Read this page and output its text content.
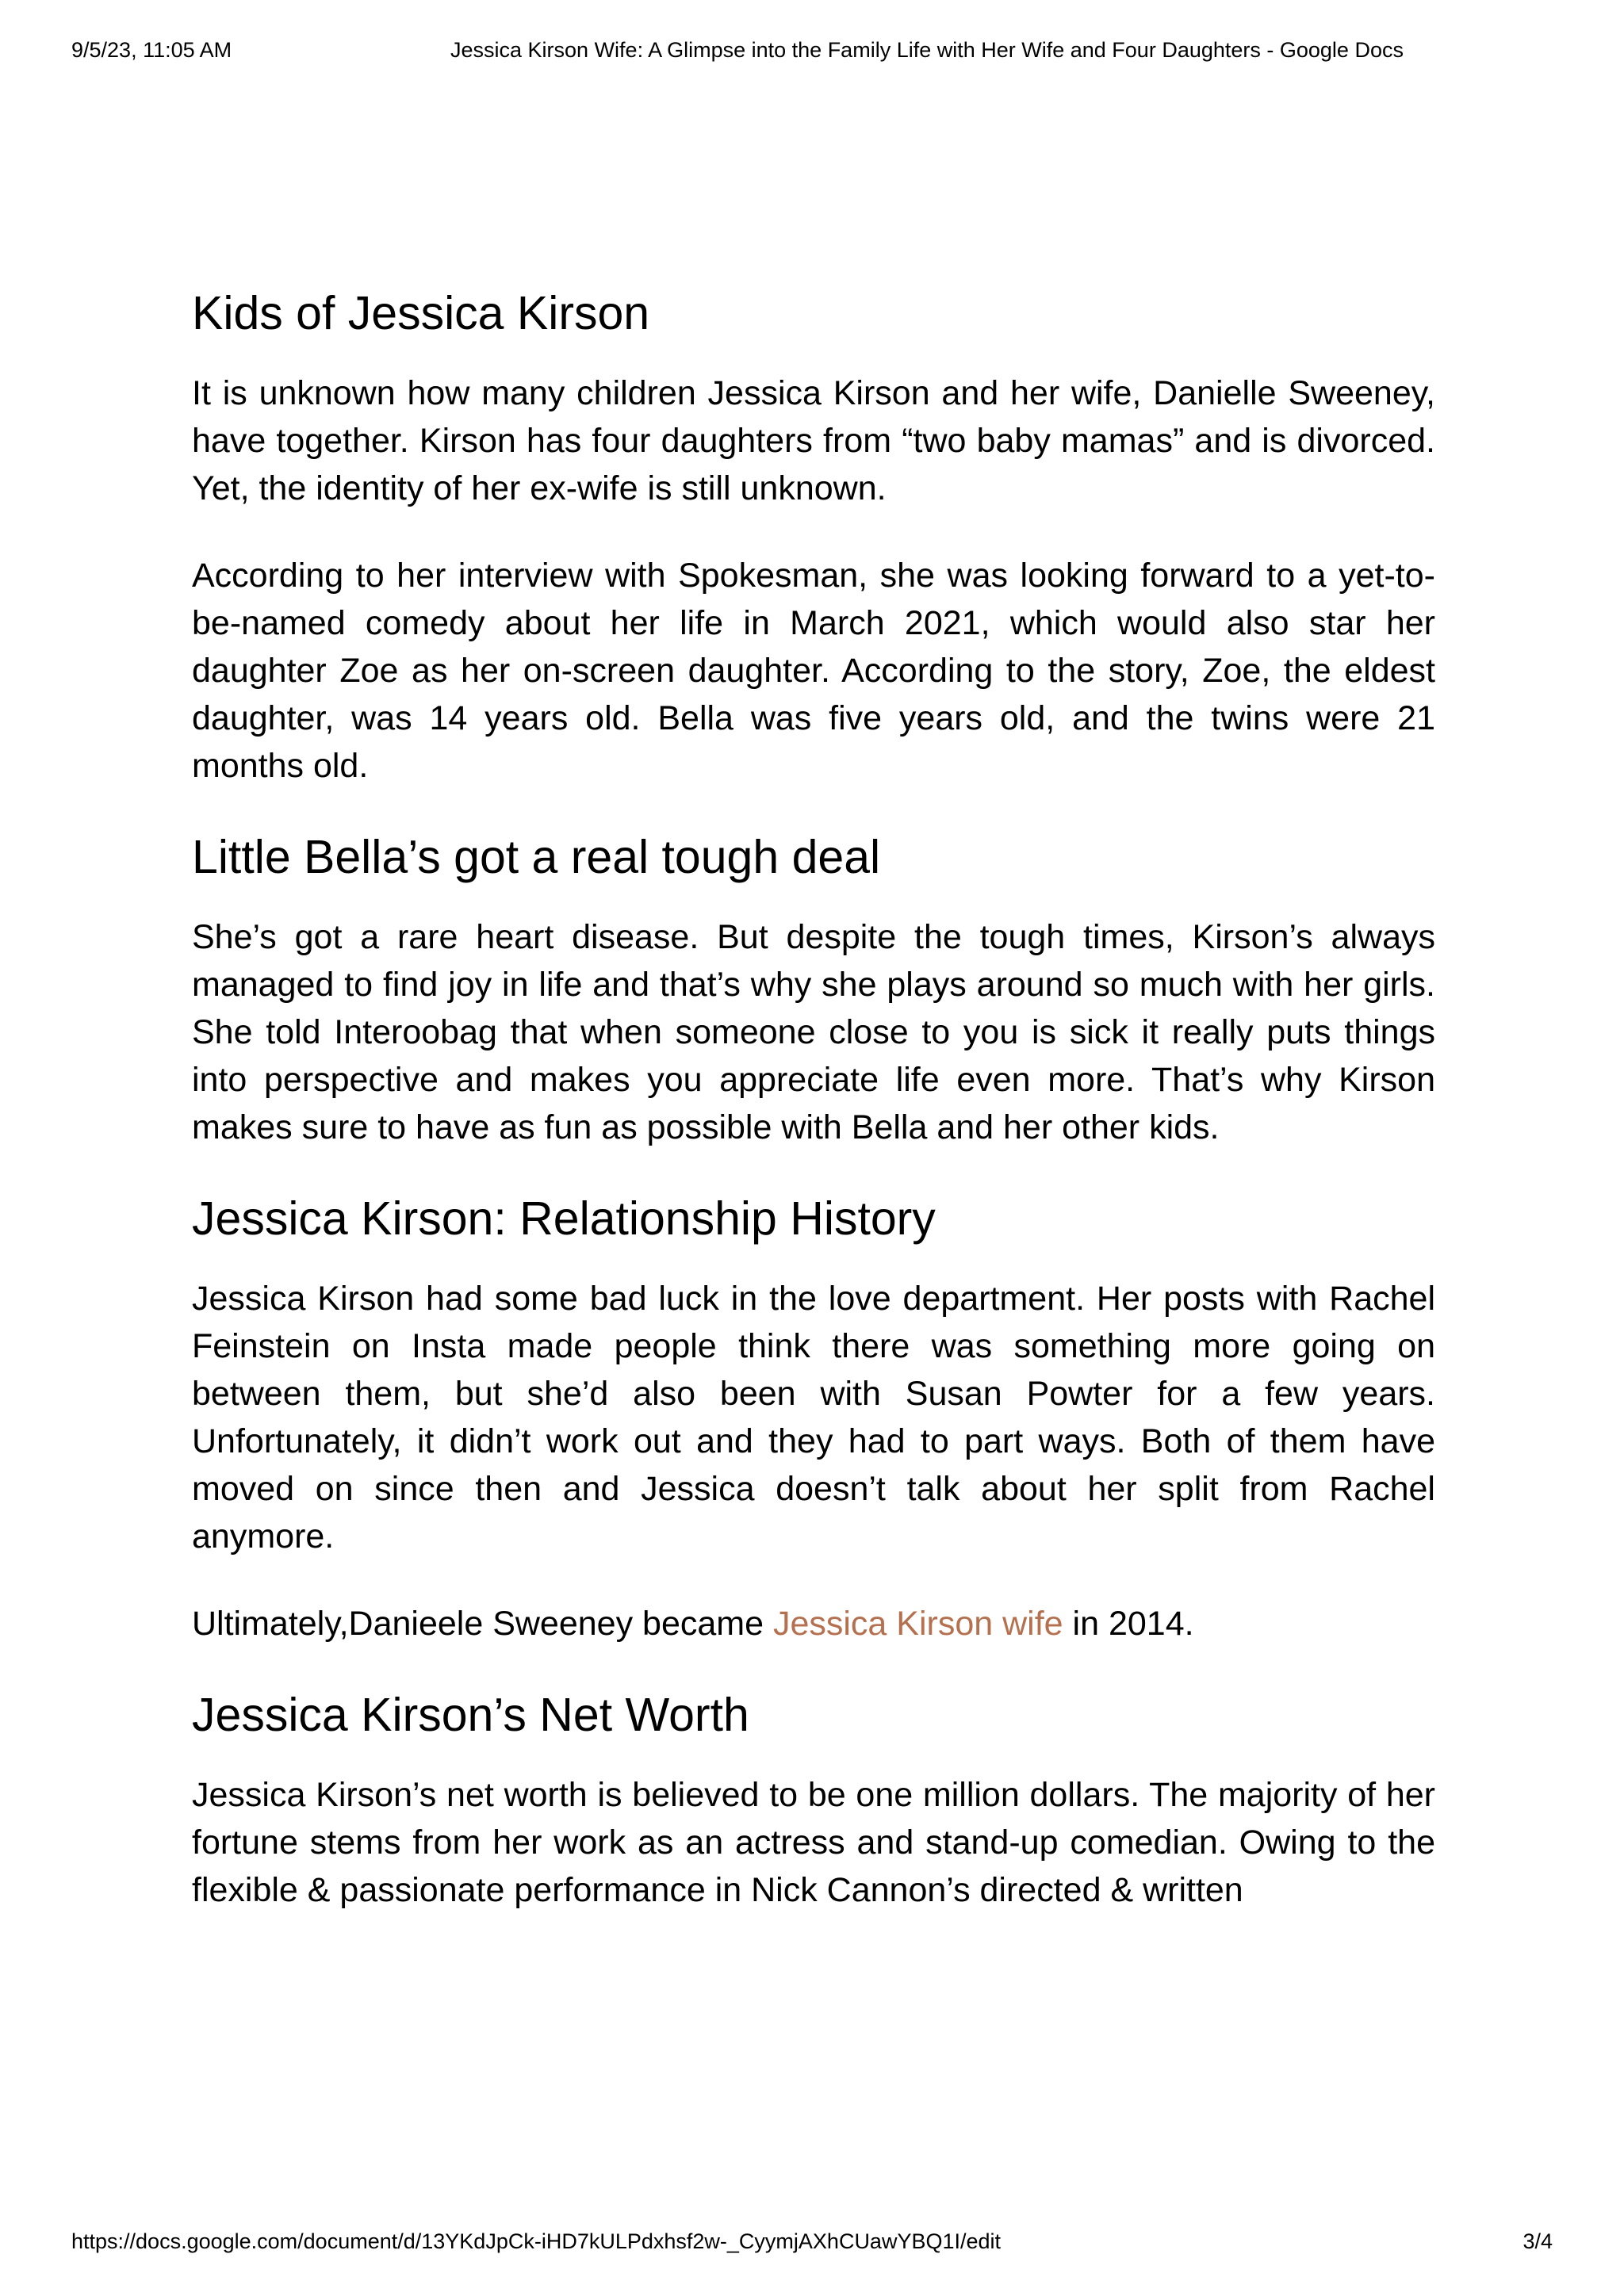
9/5/23, 11:05 AM	Jessica Kirson Wife: A Glimpse into the Family Life with Her Wife and Four Daughters - Google Docs
Kids of Jessica Kirson

It is unknown how many children Jessica Kirson and her wife, Danielle Sweeney, have together. Kirson has four daughters from “two baby mamas” and is divorced. Yet, the identity of her ex-wife is still unknown.

According to her interview with Spokesman, she was looking forward to a yet-to-be-named comedy about her life in March 2021, which would also star her daughter Zoe as her on-screen daughter. According to the story, Zoe, the eldest daughter, was 14 years old. Bella was five years old, and the twins were 21 months old.

Little Bella’s got a real tough deal

She’s got a rare heart disease. But despite the tough times, Kirson’s always managed to find joy in life and that’s why she plays around so much with her girls. She told Interoobag that when someone close to you is sick it really puts things into perspective and makes you appreciate life even more. That’s why Kirson makes sure to have as fun as possible with Bella and her other kids.

Jessica Kirson: Relationship History

Jessica Kirson had some bad luck in the love department. Her posts with Rachel Feinstein on Insta made people think there was something more going on between them, but she’d also been with Susan Powter for a few years. Unfortunately, it didn’t work out and they had to part ways. Both of them have moved on since then and Jessica doesn’t talk about her split from Rachel anymore.

Ultimately,Danieele Sweeney became Jessica Kirson wife in 2014.

Jessica Kirson’s Net Worth

Jessica Kirson’s net worth is believed to be one million dollars. The majority of her fortune stems from her work as an actress and stand-up comedian. Owing to the flexible & passionate performance in Nick Cannon’s directed & written

https://docs.google.com/document/d/13YKdJpCk-iHD7kULPdxhsf2w-_CyymjAXhCUawYBQ1I/edit	3/4
